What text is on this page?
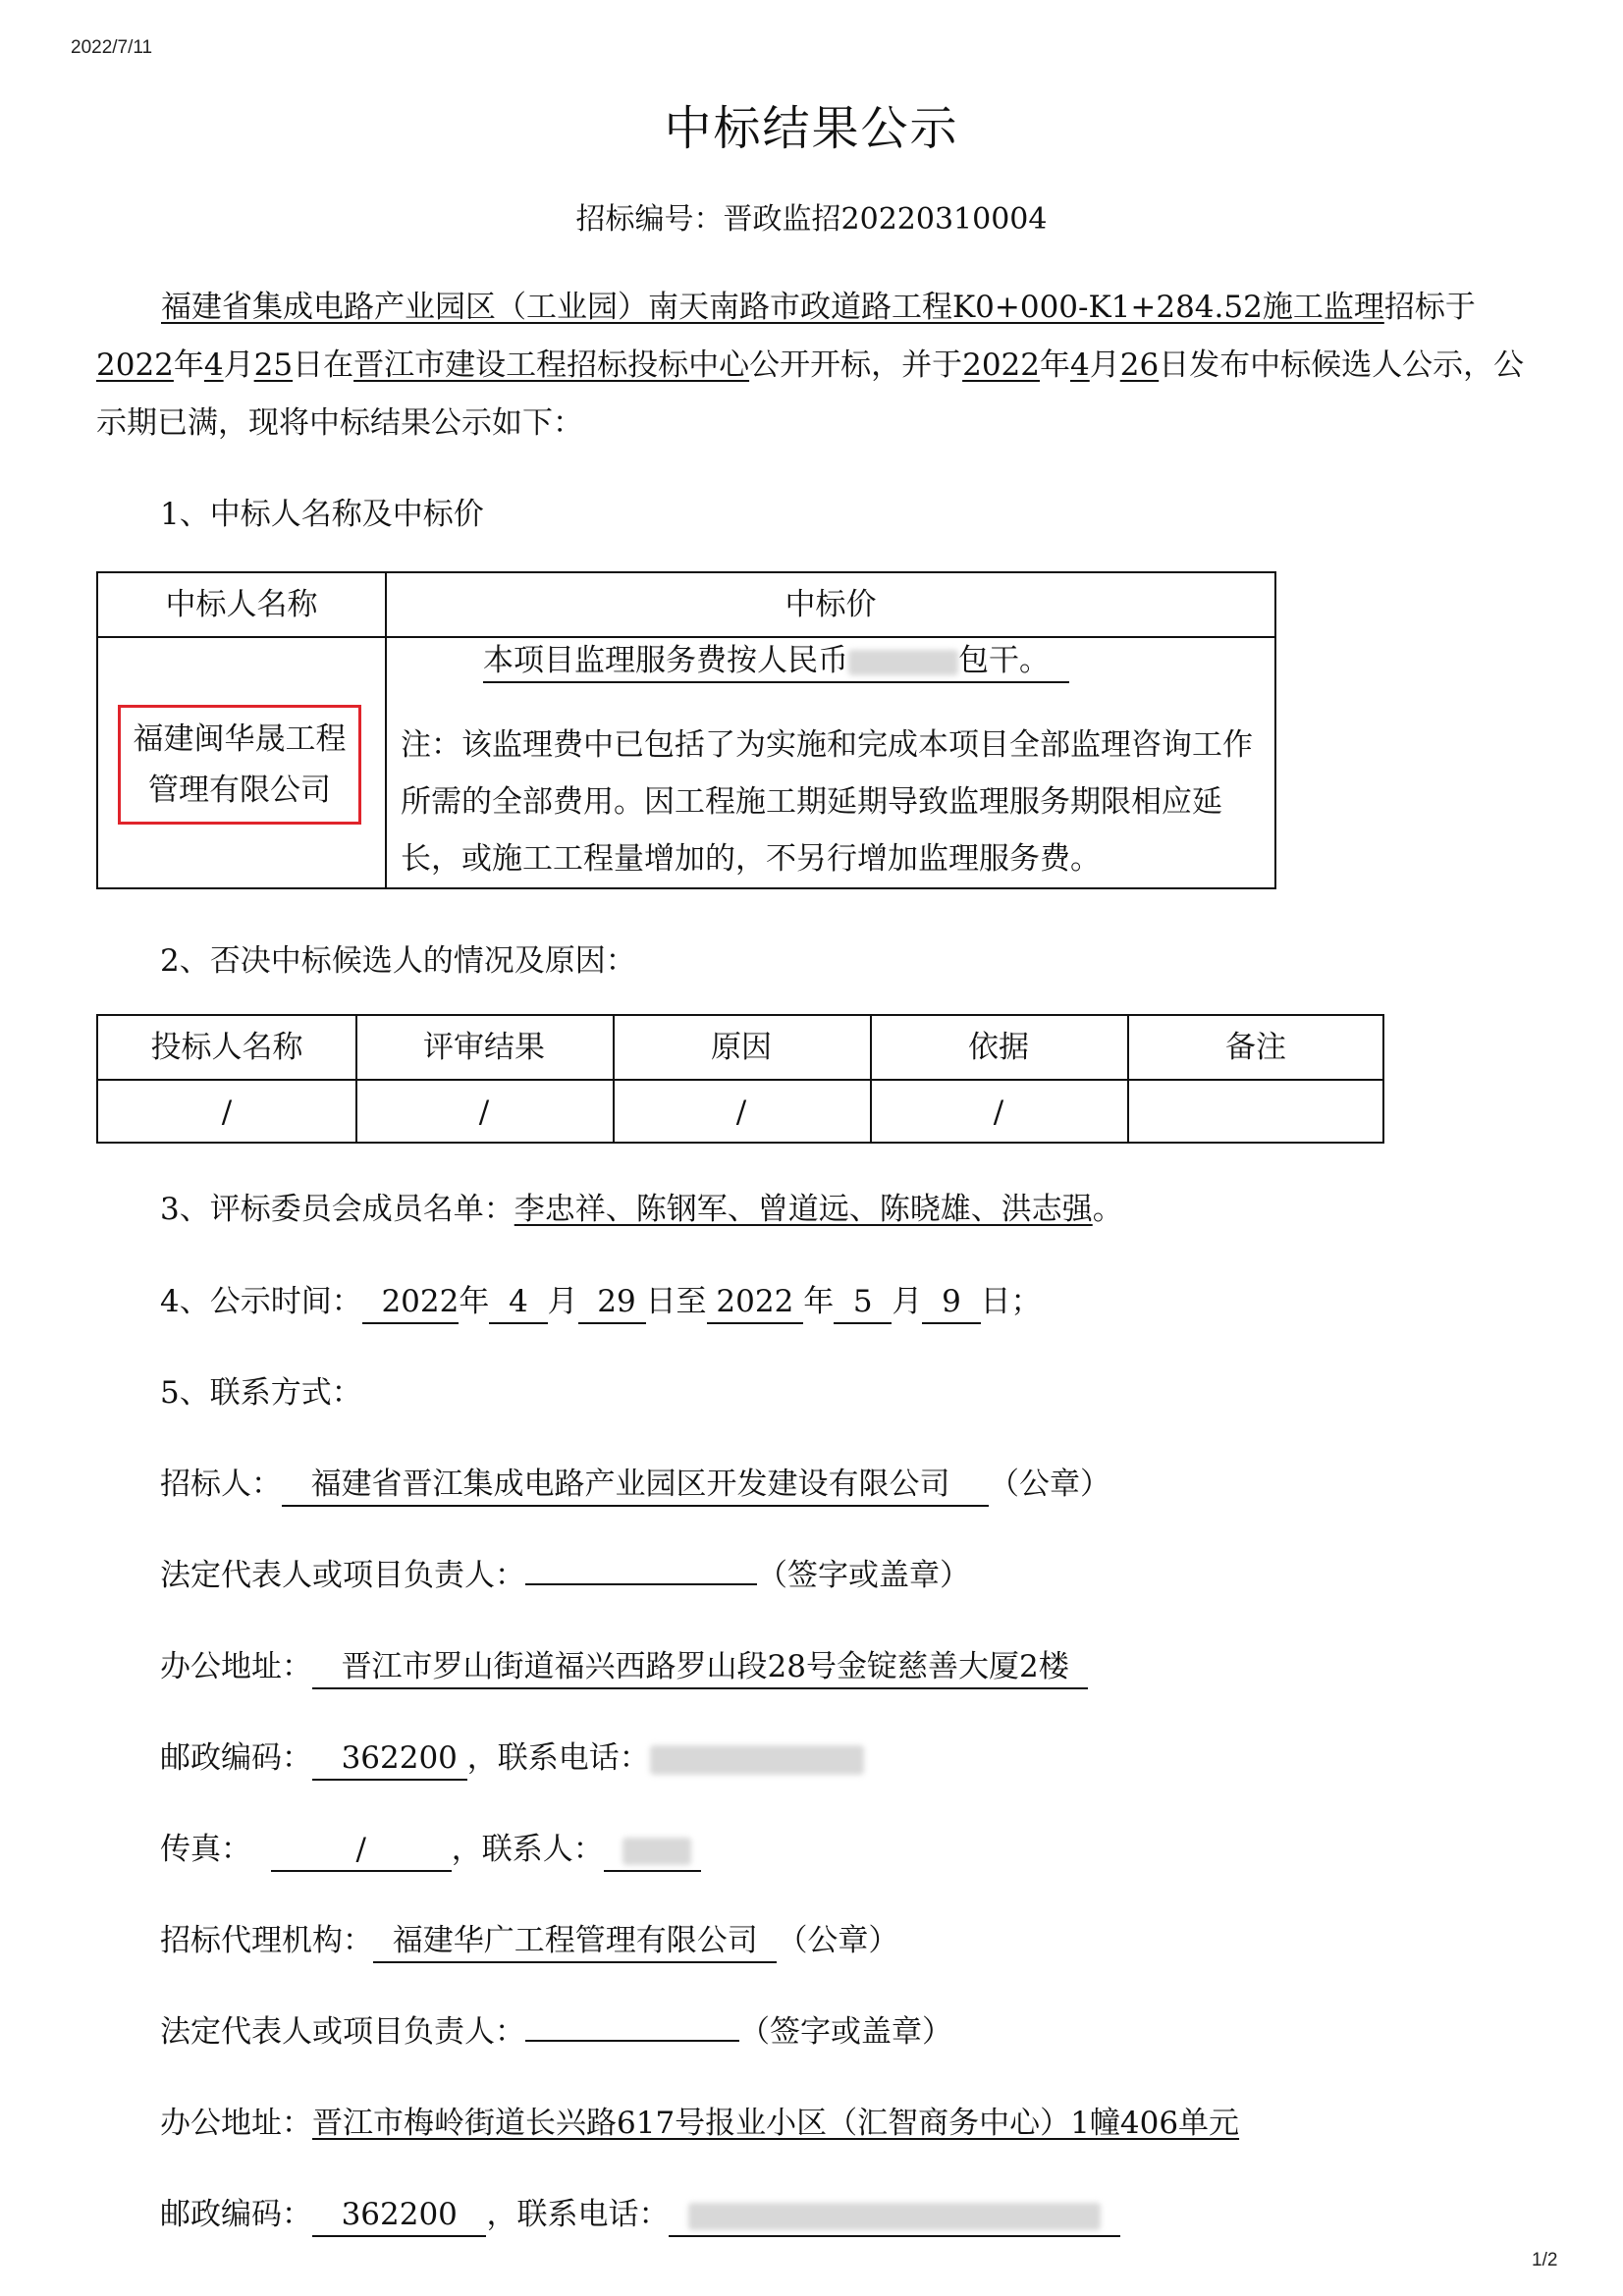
2022/7/11
1/2
中标结果公示
招标编号：晋政监招20220310004
福建省集成电路产业园区（工业园）南天南路市政道路工程K0+000-K1+284.52施工监理招标于2022年4月25日在晋江市建设工程招标投标中心公开开标，并于2022年4月26日发布中标候选人公示，公示期已满，现将中标结果公示如下：
1、中标人名称及中标价
中标人名称	中标价
福建闽华晟工程管理有限公司
本项目监理服务费按人民币	包干。
注：该监理费中已包括了为实施和完成本项目全部监理咨询工作所需的全部费用。因工程施工期延期导致监理服务期限相应延长，或施工工程量增加的，不另行增加监理服务费。
2、否决中标候选人的情况及原因：
投标人名称	评审结果	原因	依据	备注
/	/	/	/
3、评标委员会成员名单：李忠祥、陈钢军、曾道远、陈晓雄、洪志强。
4、公示时间： 2022年 4 月 29 日至 2022 年 5 月 9 日；
5、联系方式：
招标人： 福建省晋江集成电路产业园区开发建设有限公司 （公章）
法定代表人或项目负责人：	（签字或盖章）
办公地址： 晋江市罗山街道福兴西路罗山段28号金锭慈善大厦2楼
邮政编码： 362200 ，联系电话：
传真：	/	，联系人：
招标代理机构： 福建华广工程管理有限公司 （公章）
法定代表人或项目负责人：	（签字或盖章）
办公地址：晋江市梅岭街道长兴路617号报业小区（汇智商务中心）1幢406单元
邮政编码： 362200 ，联系电话：
